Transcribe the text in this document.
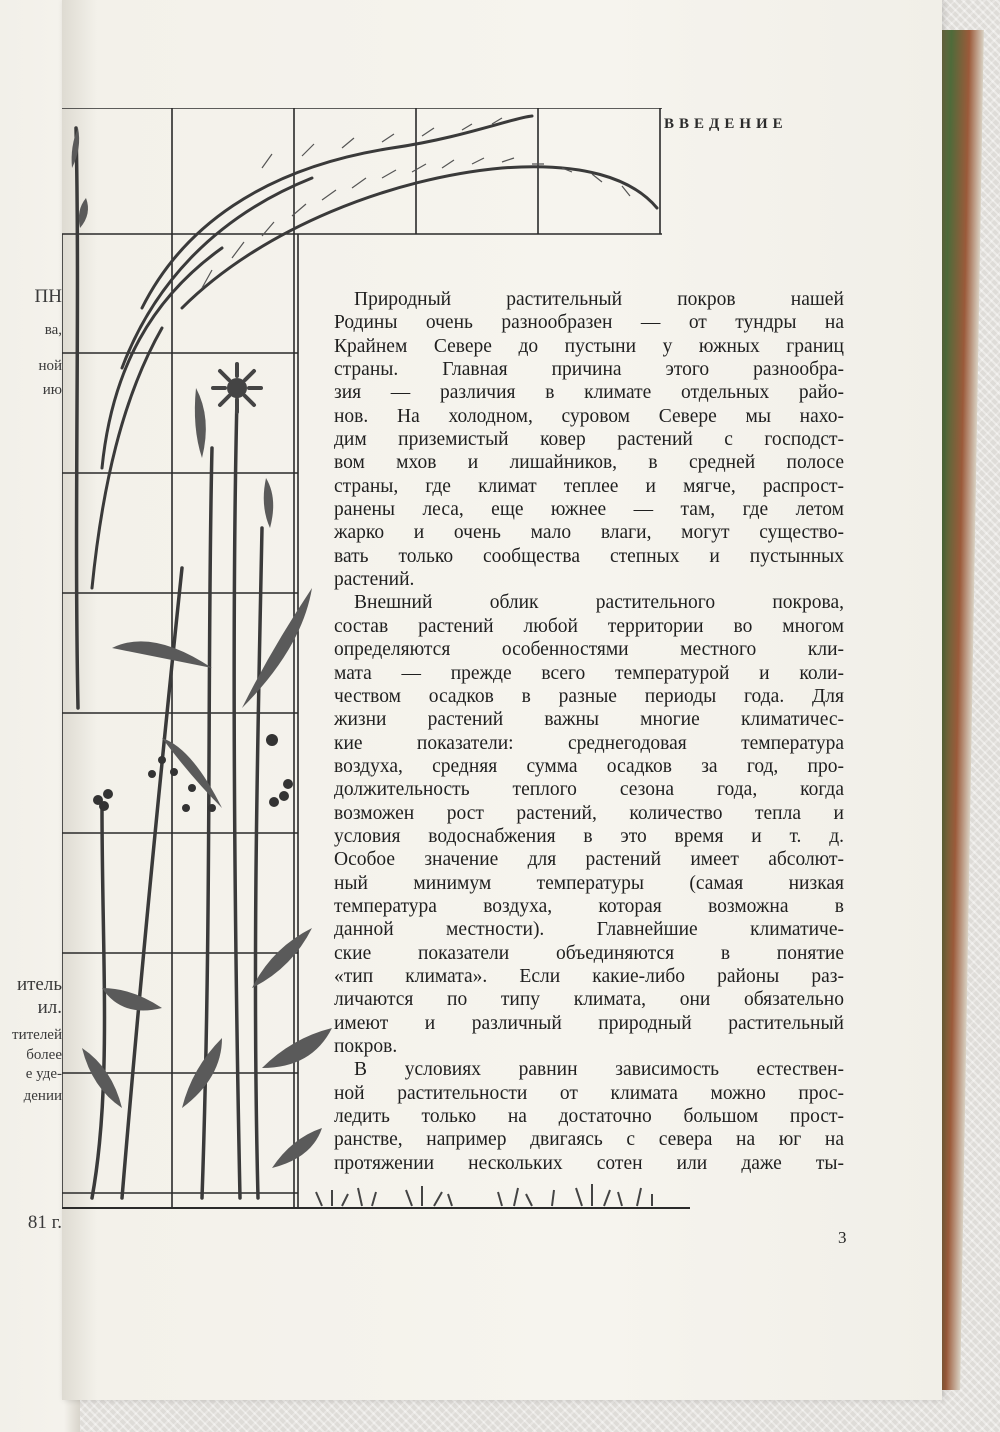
ПН
ва,
ной
ию
итель
ил.
тителей
более
е уде-
дении
81 г.
ВВЕДЕНИЕ
Природный растительный покров нашей
Родины очень разнообразен — от тундры на
Крайнем Севере до пустыни у южных границ
страны. Главная причина этого разнообра-
зия — различия в климате отдельных райо-
нов. На холодном, суровом Севере мы нахо-
дим приземистый ковер растений с господст-
вом мхов и лишайников, в средней полосе
страны, где климат теплее и мягче, распрост-
ранены леса, еще южнее — там, где летом
жарко и очень мало влаги, могут существо-
вать только сообщества степных и пустынных
растений.
Внешний облик растительного покрова,
состав растений любой территории во многом
определяются особенностями местного кли-
мата — прежде всего температурой и коли-
чеством осадков в разные периоды года. Для
жизни растений важны многие климатичес-
кие показатели: среднегодовая температура
воздуха, средняя сумма осадков за год, про-
должительность теплого сезона года, когда
возможен рост растений, количество тепла и
условия водоснабжения в это время и т. д.
Особое значение для растений имеет абсолют-
ный минимум температуры (самая низкая
температура воздуха, которая возможна в
данной местности). Главнейшие климатиче-
ские показатели объединяются в понятие
«тип климата». Если какие-либо районы раз-
личаются по типу климата, они обязательно
имеют и различный природный растительный
покров.
В условиях равнин зависимость естествен-
ной растительности от климата можно прос-
ледить только на достаточно большом прост-
ранстве, например двигаясь с севера на юг на
протяжении нескольких сотен или даже ты-
3
